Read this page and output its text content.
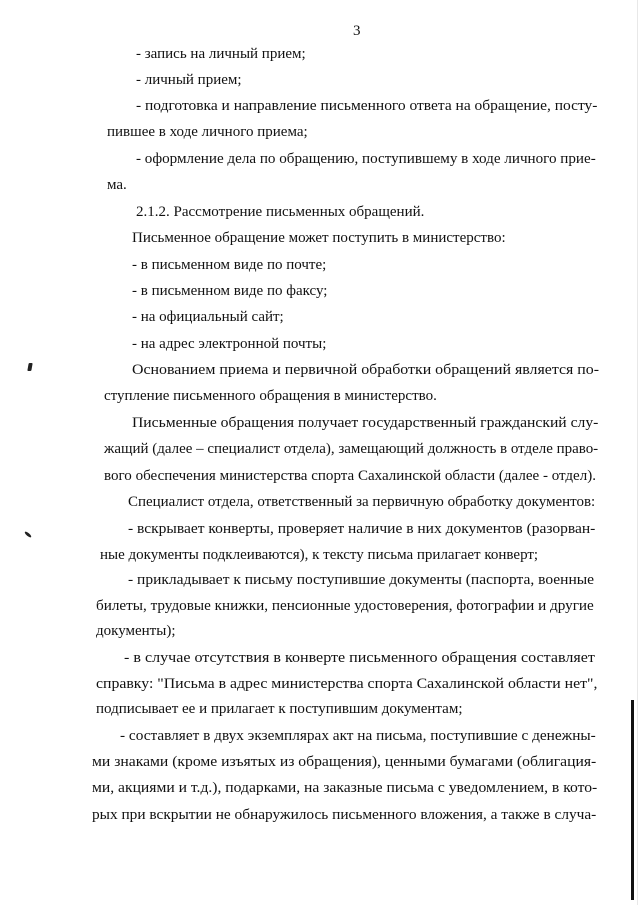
3
- запись на личный прием;
- личный прием;
- подготовка и направление письменного ответа на обращение, посту-
пившее в ходе личного приема;
- оформление дела по обращению, поступившему в ходе личного прие-
ма.
2.1.2. Рассмотрение письменных обращений.
Письменное обращение может поступить в министерство:
- в письменном виде по почте;
- в письменном виде по факсу;
- на официальный сайт;
- на адрес электронной почты;
Основанием приема и первичной обработки обращений является по-
ступление письменного обращения в министерство.
Письменные обращения получает государственный гражданский слу-
жащий (далее – специалист отдела), замещающий должность в отделе право-
вого обеспечения министерства спорта Сахалинской области (далее - отдел).
Специалист отдела, ответственный за первичную обработку документов:
- вскрывает конверты, проверяет наличие в них документов (разорван-
ные документы подклеиваются), к тексту письма прилагает конверт;
- прикладывает к письму поступившие документы (паспорта, военные
билеты, трудовые книжки, пенсионные удостоверения, фотографии и другие
документы);
- в случае отсутствия в конверте письменного обращения составляет
справку: "Письма в адрес министерства спорта Сахалинской области нет",
подписывает ее и прилагает к поступившим документам;
- составляет в двух экземплярах акт на письма, поступившие с денежны-
ми знаками (кроме изъятых из обращения), ценными бумагами (облигация-
ми, акциями и т.д.), подарками, на заказные письма с уведомлением, в кото-
рых при вскрытии не обнаружилось письменного вложения, а также в случа-
